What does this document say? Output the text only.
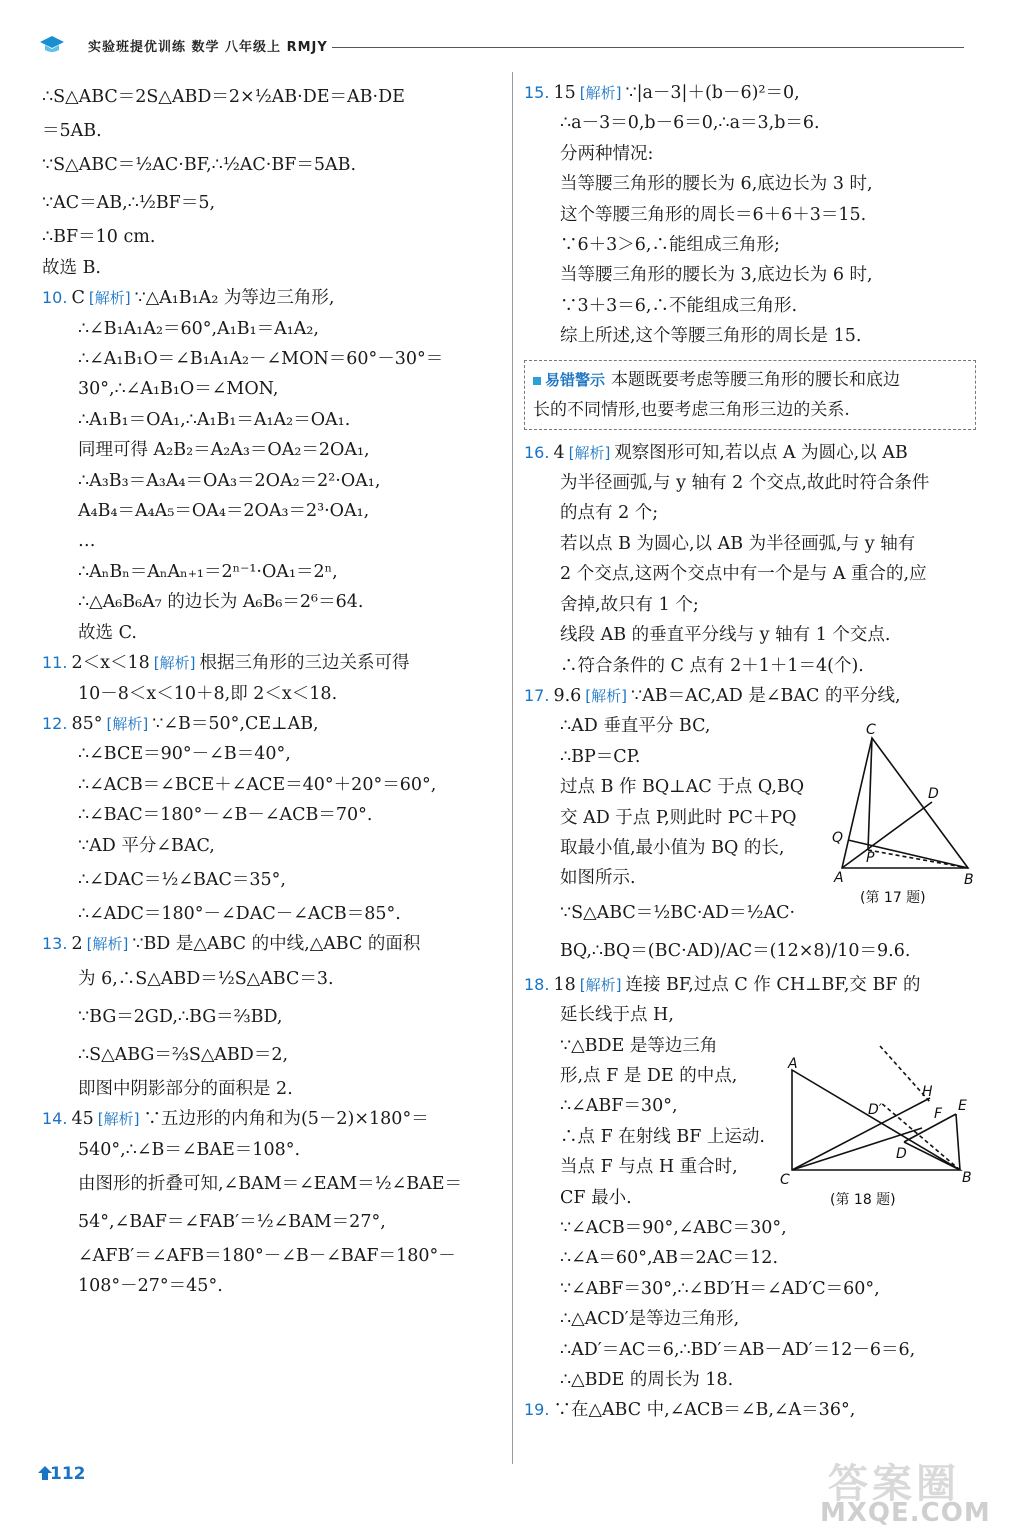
实验班提优训练 数学 八年级上 RMJY
∴S△ABC＝2S△ABD＝2×½AB·DE＝AB·DE
＝5AB.
∵S△ABC＝½AC·BF,∴½AC·BF＝5AB.
∵AC＝AB,∴½BF＝5,
∴BF＝10 cm.
故选 B.
10. C [解析] ∵△A₁B₁A₂ 为等边三角形,
∴∠B₁A₁A₂＝60°,A₁B₁＝A₁A₂,
∴∠A₁B₁O＝∠B₁A₁A₂－∠MON＝60°－30°＝
30°,∴∠A₁B₁O＝∠MON,
∴A₁B₁＝OA₁,∴A₁B₁＝A₁A₂＝OA₁.
同理可得 A₂B₂＝A₂A₃＝OA₂＝2OA₁,
∴A₃B₃＝A₃A₄＝OA₃＝2OA₂＝2²·OA₁,
A₄B₄＝A₄A₅＝OA₄＝2OA₃＝2³·OA₁,
…
∴AₙBₙ＝AₙAₙ₊₁＝2ⁿ⁻¹·OA₁＝2ⁿ,
∴△A₆B₆A₇ 的边长为 A₆B₆＝2⁶＝64.
故选 C.
11. 2＜x＜18 [解析] 根据三角形的三边关系可得
10－8＜x＜10＋8,即 2＜x＜18.
12. 85° [解析] ∵∠B＝50°,CE⊥AB,
∴∠BCE＝90°－∠B＝40°,
∴∠ACB＝∠BCE＋∠ACE＝40°＋20°＝60°,
∴∠BAC＝180°－∠B－∠ACB＝70°.
∵AD 平分∠BAC,
∴∠DAC＝½∠BAC＝35°,
∴∠ADC＝180°－∠DAC－∠ACB＝85°.
13. 2 [解析] ∵BD 是△ABC 的中线,△ABC 的面积
为 6,∴S△ABD＝½S△ABC＝3.
∵BG＝2GD,∴BG＝⅔BD,
∴S△ABG＝⅔S△ABD＝2,
即图中阴影部分的面积是 2.
14. 45 [解析] ∵五边形的内角和为(5－2)×180°＝
540°,∴∠B＝∠BAE＝108°.
由图形的折叠可知,∠BAM＝∠EAM＝½∠BAE＝
54°,∠BAF＝∠FAB′＝½∠BAM＝27°,
∠AFB′＝∠AFB＝180°－∠B－∠BAF＝180°－
108°－27°＝45°.
15. 15 [解析] ∵|a－3|＋(b－6)²＝0,
∴a－3＝0,b－6＝0,∴a＝3,b＝6.
分两种情况:
当等腰三角形的腰长为 6,底边长为 3 时,
这个等腰三角形的周长＝6＋6＋3＝15.
∵6＋3＞6,∴能组成三角形;
当等腰三角形的腰长为 3,底边长为 6 时,
∵3＋3＝6,∴不能组成三角形.
综上所述,这个等腰三角形的周长是 15.
易错警示 本题既要考虑等腰三角形的腰长和底边
长的不同情形,也要考虑三角形三边的关系.
16. 4 [解析] 观察图形可知,若以点 A 为圆心,以 AB
为半径画弧,与 y 轴有 2 个交点,故此时符合条件
的点有 2 个;
若以点 B 为圆心,以 AB 为半径画弧,与 y 轴有
2 个交点,这两个交点中有一个是与 A 重合的,应
舍掉,故只有 1 个;
线段 AB 的垂直平分线与 y 轴有 1 个交点.
∴符合条件的 C 点有 2＋1＋1＝4(个).
17. 9.6 [解析] ∵AB＝AC,AD 是∠BAC 的平分线,
∴AD 垂直平分 BC,
∴BP＝CP.
过点 B 作 BQ⊥AC 于点 Q,BQ
交 AD 于点 P,则此时 PC＋PQ
取最小值,最小值为 BQ 的长,
如图所示.
∵S△ABC＝½BC·AD＝½AC·
BQ,∴BQ＝(BC·AD)/AC＝(12×8)/10＝9.6.
18. 18 [解析] 连接 BF,过点 C 作 CH⊥BF,交 BF 的
延长线于点 H,
∵△BDE 是等边三角
形,点 F 是 DE 的中点,
∴∠ABF＝30°,
∴点 F 在射线 BF 上运动.
当点 F 与点 H 重合时,
CF 最小.
∵∠ACB＝90°,∠ABC＝30°,
∴∠A＝60°,AB＝2AC＝12.
∵∠ABF＝30°,∴∠BD′H＝∠AD′C＝60°,
∴△ACD′是等边三角形,
∴AD′＝AC＝6,∴BD′＝AB－AD′＝12－6＝6,
∴△BDE 的周长为 18.
19. ∵在△ABC 中,∠ACB＝∠B,∠A＝36°,
C
D
Q
P
A	B
(第 17 题)
A
H
E
D′	F
D
C	B
(第 18 题)
112	答案圈
MXQE.COM
